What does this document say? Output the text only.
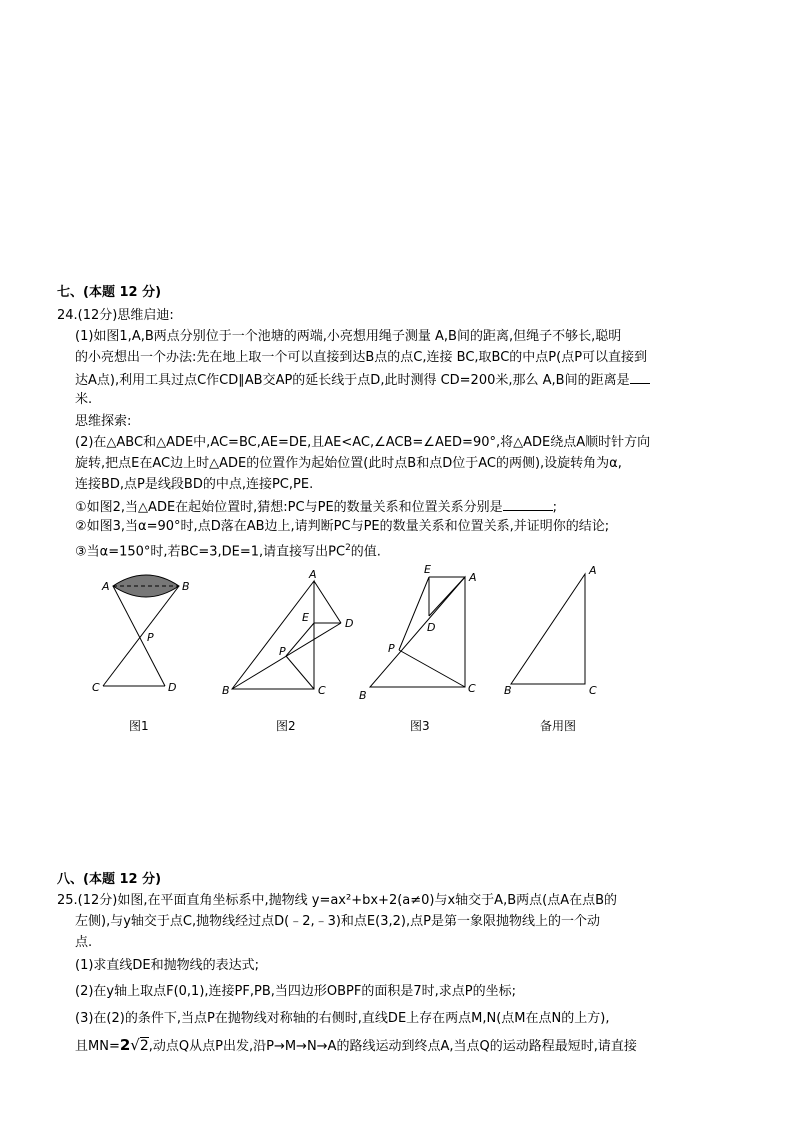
七、(本题 12 分)
24.(12分)思维启迪:
(1)如图1,A,B两点分别位于一个池塘的两端,小亮想用绳子测量 A,B间的距离,但绳子不够长,聪明
的小亮想出一个办法:先在地上取一个可以直接到达B点的点C,连接 BC,取BC的中点P(点P可以直接到
达A点),利用工具过点C作CD∥AB交AP的延长线于点D,此时测得 CD=200米,那么 A,B间的距离是
米.
思维探索:
(2)在△ABC和△ADE中,AC=BC,AE=DE,且AE<AC,∠ACB=∠AED=90°,将△ADE绕点A顺时针方向
旋转,把点E在AC边上时△ADE的位置作为起始位置(此时点B和点D位于AC的两侧),设旋转角为α,
连接BD,点P是线段BD的中点,连接PC,PE.
①如图2,当△ADE在起始位置时,猜想:PC与PE的数量关系和位置关系分别是	;
②如图3,当α=90°时,点D落在AB边上,请判断PC与PE的数量关系和位置关系,并证明你的结论;
③当α=150°时,若BC=3,DE=1,请直接写出$PC^2$的值.
A	B
P
C	D
A
E	D
P
B	C
E
A
D
P
B
C
A
B	C
图1	图2	图3	备用图
八、(本题 12 分)
25.(12分)如图,在平面直角坐标系中,抛物线 y=ax²+bx+2(a≠0)与x轴交于A,B两点(点A在点B的
左侧),与y轴交于点C,抛物线经过点D(﹣2,﹣3)和点E(3,2),点P是第一象限抛物线上的一个动
点.
(1)求直线DE和抛物线的表达式;
(2)在y轴上取点F(0,1),连接PF,PB,当四边形OBPF的面积是7时,求点P的坐标;
(3)在(2)的条件下,当点P在抛物线对称轴的右侧时,直线DE上存在两点M,N(点M在点N的上方),
且MN=2√2,动点Q从点P出发,沿P→M→N→A的路线运动到终点A,当点Q的运动路程最短时,请直接
